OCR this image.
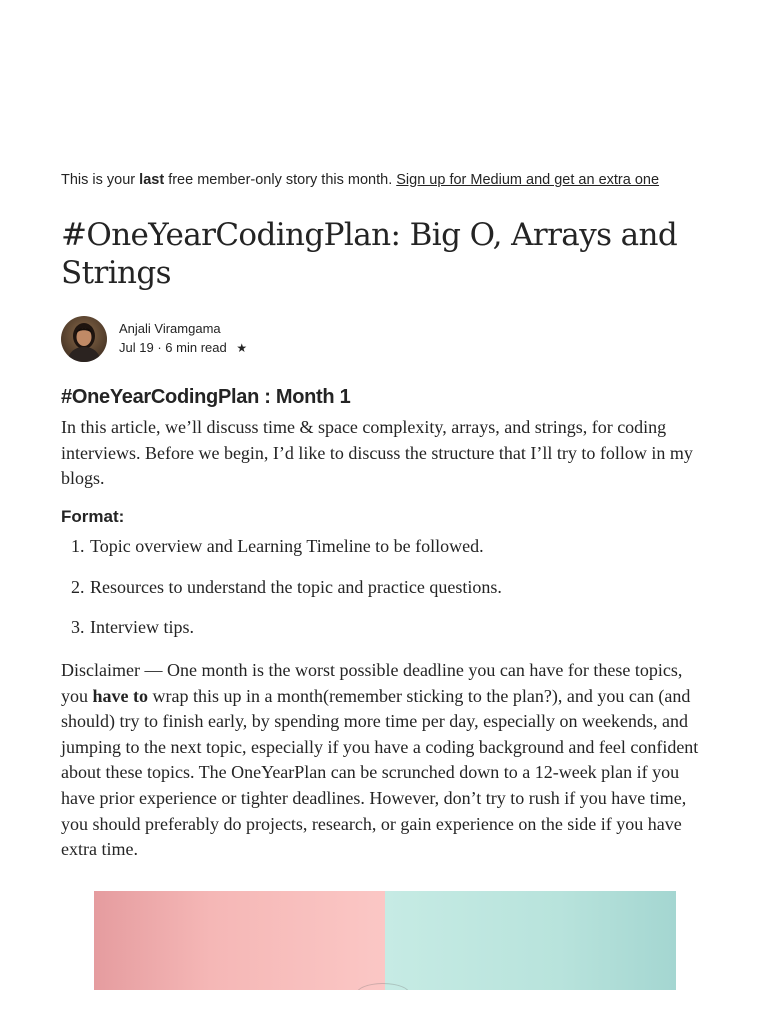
This is your last free member-only story this month. Sign up for Medium and get an extra one
#OneYearCodingPlan: Big O, Arrays and Strings
Anjali Viramgama
Jul 19 · 6 min read ★
#OneYearCodingPlan : Month 1

In this article, we’ll discuss time & space complexity, arrays, and strings, for coding interviews. Before we begin, I’d like to discuss the structure that I’ll try to follow in my blogs.

Format:
1. Topic overview and Learning Timeline to be followed.
2. Resources to understand the topic and practice questions.
3. Interview tips.

Disclaimer — One month is the worst possible deadline you can have for these topics, you have to wrap this up in a month(remember sticking to the plan?), and you can (and should) try to finish early, by spending more time per day, especially on weekends, and jumping to the next topic, especially if you have a coding background and feel confident about these topics. The OneYearPlan can be scrunched down to a 12-week plan if you have prior experience or tighter deadlines. However, don’t try to rush if you have time, you should preferably do projects, research, or gain experience on the side if you have extra time.
